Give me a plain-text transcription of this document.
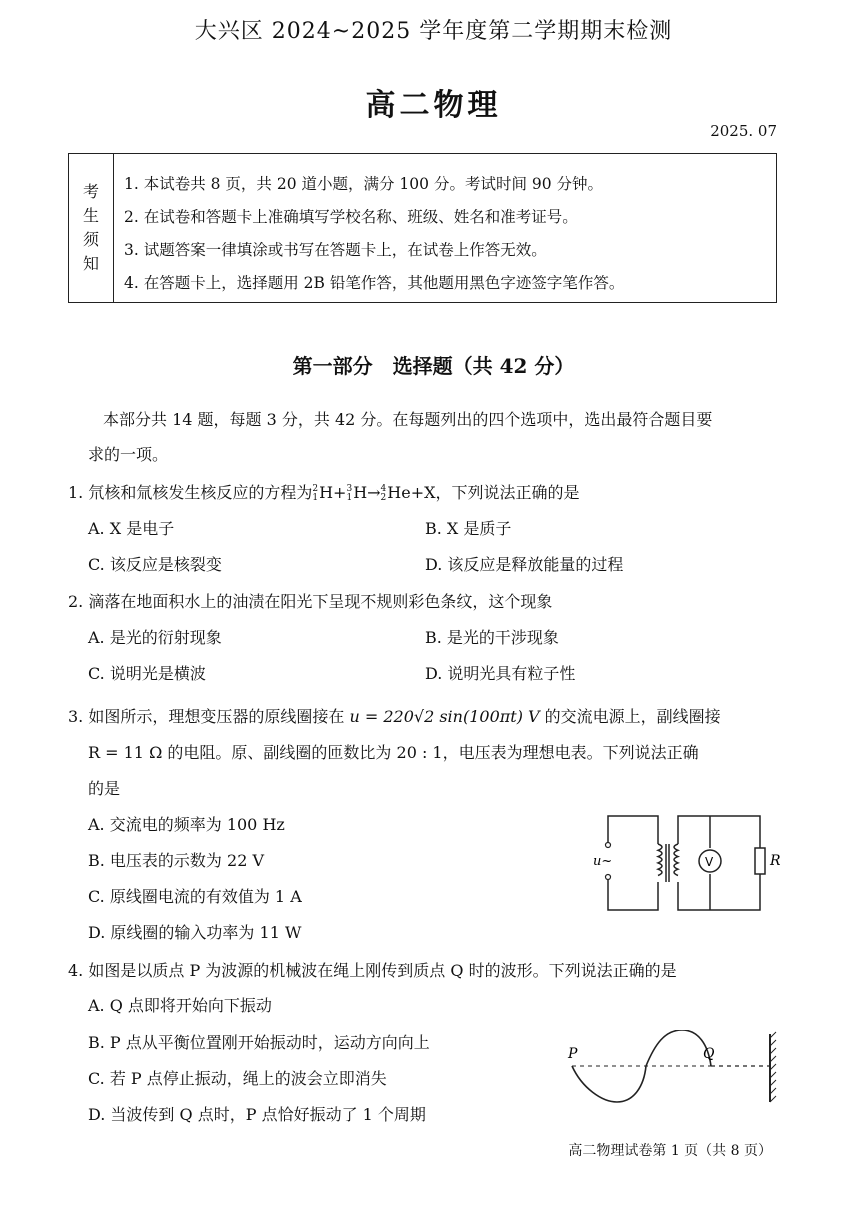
大兴区 2024~2025 学年度第二学期期末检测
高二物理
2025. 07
考
生
须
知
1. 本试卷共 8 页，共 20 道小题，满分 100 分。考试时间 90 分钟。
2. 在试卷和答题卡上准确填写学校名称、班级、姓名和准考证号。
3. 试题答案一律填涂或书写在答题卡上，在试卷上作答无效。
4. 在答题卡上，选择题用 2B 铅笔作答，其他题用黑色字迹签字笔作答。
第一部分　选择题（共 42 分）
本部分共 14 题，每题 3 分，共 42 分。在每题列出的四个选项中，选出最符合题目要
求的一项。
1. 氘核和氚核发生核反应的方程为 2
1 H+ 3
1 H→ 4
2 He+X，下列说法正确的是
A. X 是电子	B. X 是质子
C. 该反应是核裂变	D. 该反应是释放能量的过程
2. 滴落在地面积水上的油渍在阳光下呈现不规则彩色条纹，这个现象
A. 是光的衍射现象	B. 是光的干涉现象
C. 说明光是横波	D. 说明光具有粒子性
3. 如图所示，理想变压器的原线圈接在 u = 220√2 sin(100πt) V 的交流电源上，副线圈接
R = 11 Ω 的电阻。原、副线圈的匝数比为 20 : 1，电压表为理想电表。下列说法正确
的是
A. 交流电的频率为 100 Hz
B. 电压表的示数为 22 V
C. 原线圈电流的有效值为 1 A
D. 原线圈的输入功率为 11 W
u~	V	R
4. 如图是以质点 P 为波源的机械波在绳上刚传到质点 Q 时的波形。下列说法正确的是
A. Q 点即将开始向下振动
B. P 点从平衡位置刚开始振动时，运动方向向上
C. 若 P 点停止振动，绳上的波会立即消失
D. 当波传到 Q 点时，P 点恰好振动了 1 个周期
P	Q
高二物理试卷第 1 页（共 8 页）
